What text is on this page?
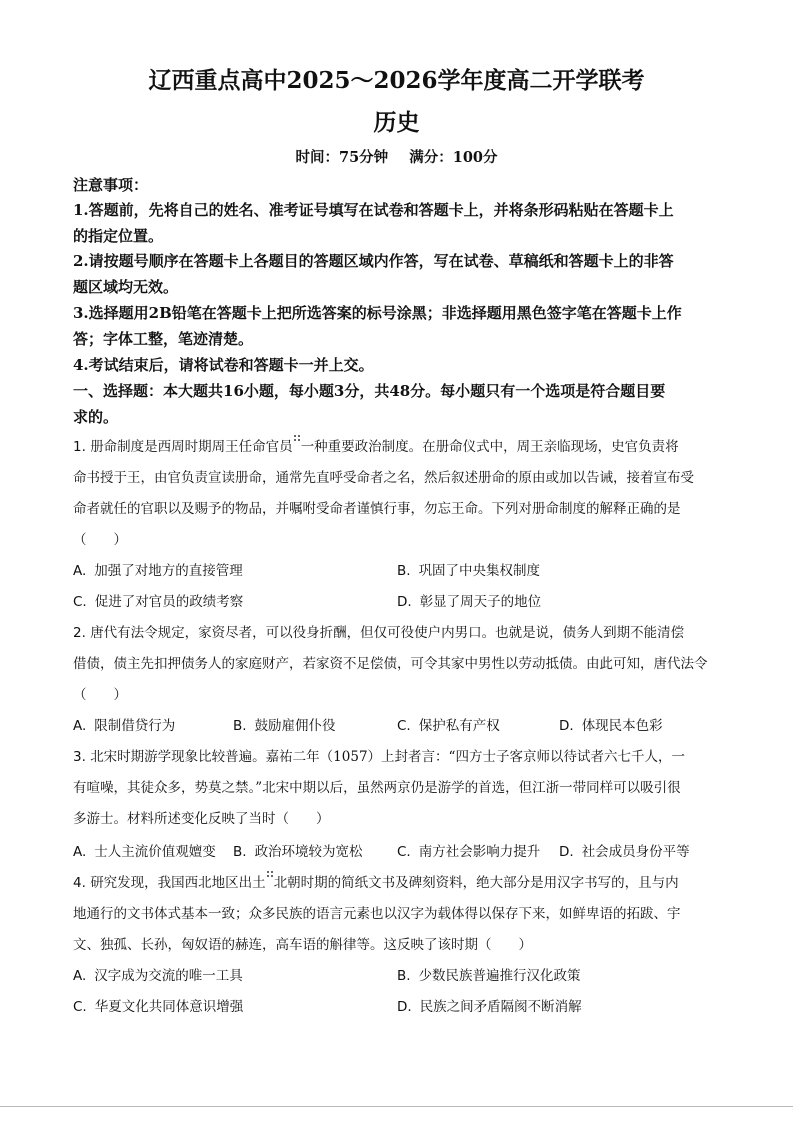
辽西重点高中2025～2026学年度高二开学联考
历史
时间：75分钟 满分：100分
注意事项：
1.答题前，先将自己的姓名、准考证号填写在试卷和答题卡上，并将条形码粘贴在答题卡上
的指定位置。
2.请按题号顺序在答题卡上各题目的答题区域内作答，写在试卷、草稿纸和答题卡上的非答
题区域均无效。
3.选择题用2B铅笔在答题卡上把所选答案的标号涂黑；非选择题用黑色签字笔在答题卡上作
答；字体工整，笔迹清楚。
4.考试结束后，请将试卷和答题卡一并上交。
一、选择题：本大题共16小题，每小题3分，共48分。每小题只有一个选项是符合题目要
求的。
1. 册命制度是西周时期周王任命官员 一种重要政治制度。在册命仪式中，周王亲临现场，史官负责将
命书授于王，由官负责宣读册命，通常先直呼受命者之名，然后叙述册命的原由或加以告诫，接着宣布受
命者就任的官职以及赐予的物品，并嘱咐受命者谨慎行事，勿忘王命。下列对册命制度的解释正确的是
（　　）
A. 加强了对地方的直接管理	B. 巩固了中央集权制度
C. 促进了对官员的政绩考察	D. 彰显了周天子的地位
2. 唐代有法令规定，家资尽者，可以役身折酬，但仅可役使户内男口。也就是说，债务人到期不能清偿
借债，债主先扣押债务人的家庭财产，若家资不足偿债，可令其家中男性以劳动抵债。由此可知，唐代法令
（　　）
A. 限制借贷行为	B. 鼓励雇佣仆役	C. 保护私有产权	D. 体现民本色彩
3. 北宋时期游学现象比较普遍。嘉祐二年（1057）上封者言：“四方士子客京师以待试者六七千人，一
有喧噪，其徒众多，势莫之禁。”北宋中期以后，虽然两京仍是游学的首选，但江浙一带同样可以吸引很
多游士。材料所述变化反映了当时（　　）
A. 士人主流价值观嬗变 B. 政治环境较为宽松	C. 南方社会影响力提升 D. 社会成员身份平等
4. 研究发现，我国西北地区出土 北朝时期的简纸文书及碑刻资料，绝大部分是用汉字书写的，且与内
地通行的文书体式基本一致；众多民族的语言元素也以汉字为载体得以保存下来，如鲜卑语的拓跋、宇
文、独孤、长孙，匈奴语的赫连，高车语的斛律等。这反映了该时期（　　）
A. 汉字成为交流的唯一工具	B. 少数民族普遍推行汉化政策
C. 华夏文化共同体意识增强	D. 民族之间矛盾隔阂不断消解
